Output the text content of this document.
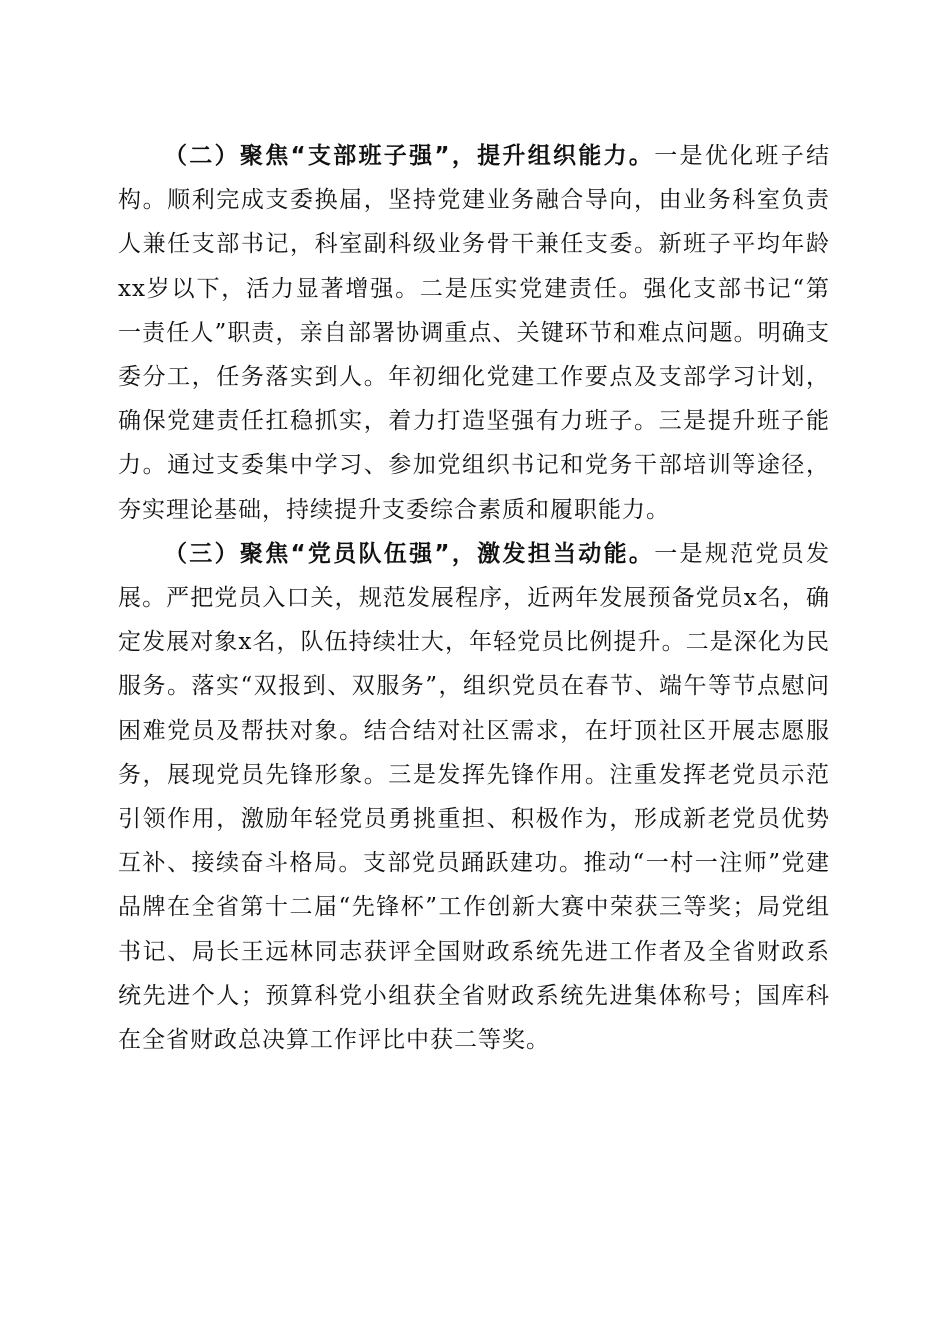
（二）聚焦“支部班子强”，提升组织能力。一是优化班子结构。顺利完成支委换届，坚持党建业务融合导向，由业务科室负责人兼任支部书记，科室副科级业务骨干兼任支委。新班子平均年龄xx岁以下，活力显著增强。二是压实党建责任。强化支部书记“第一责任人”职责，亲自部署协调重点、关键环节和难点问题。明确支委分工，任务落实到人。年初细化党建工作要点及支部学习计划，确保党建责任扛稳抓实，着力打造坚强有力班子。三是提升班子能力。通过支委集中学习、参加党组织书记和党务干部培训等途径，夯实理论基础，持续提升支委综合素质和履职能力。

（三）聚焦“党员队伍强”，激发担当动能。一是规范党员发展。严把党员入口关，规范发展程序，近两年发展预备党员x名，确定发展对象x名，队伍持续壮大，年轻党员比例提升。二是深化为民服务。落实“双报到、双服务”，组织党员在春节、端午等节点慰问困难党员及帮扶对象。结合结对社区需求，在圩顶社区开展志愿服务，展现党员先锋形象。三是发挥先锋作用。注重发挥老党员示范引领作用，激励年轻党员勇挑重担、积极作为，形成新老党员优势互补、接续奋斗格局。支部党员踊跃建功。推动“一村一注师”党建品牌在全省第十二届“先锋杯”工作创新大赛中荣获三等奖；局党组书记、局长王远林同志获评全国财政系统先进工作者及全省财政系统先进个人；预算科党小组获全省财政系统先进集体称号；国库科在全省财政总决算工作评比中获二等奖。
